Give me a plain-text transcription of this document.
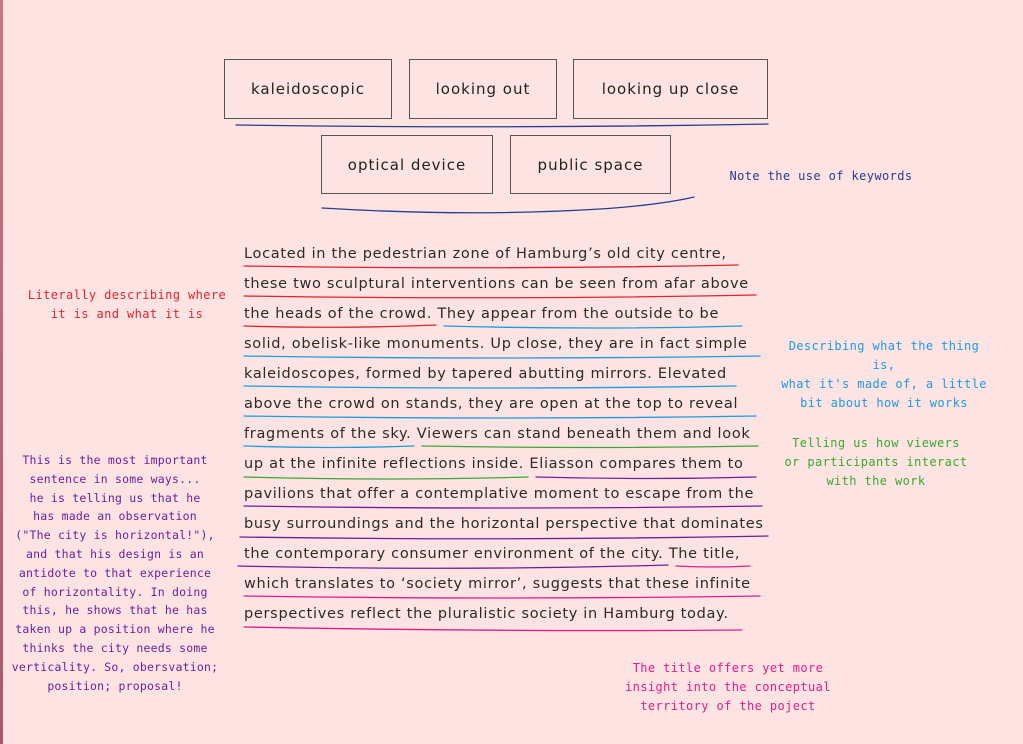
kaleidoscopic	looking out	looking up close
optical device	public space
Note the use of keywords
Literally describing where
it is and what it is
Describing what the thing is,
what it's made of, a little
bit about how it works
Telling us how viewers
or participants interact
with the work
This is the most important
sentence in some ways...
he is telling us that he
has made an observation
("The city is horizontal!"),
and that his design is an
antidote to that experience
of horizontality. In doing
this, he shows that he has
taken up a position where he
thinks the city needs some
verticality. So, obersvation;
position; proposal!
The title offers yet more
insight into the conceptual
territory of the poject
Located in the pedestrian zone of Hamburg’s old city centre,
these two sculptural interventions can be seen from afar above
the heads of the crowd. They appear from the outside to be
solid, obelisk-like monuments. Up close, they are in fact simple
kaleidoscopes, formed by tapered abutting mirrors. Elevated
above the crowd on stands, they are open at the top to reveal
fragments of the sky. Viewers can stand beneath them and look
up at the infinite reflections inside. Eliasson compares them to
pavilions that offer a contemplative moment to escape from the
busy surroundings and the horizontal perspective that dominates
the contemporary consumer environment of the city. The title,
which translates to ‘society mirror’, suggests that these infinite
perspectives reflect the pluralistic society in Hamburg today.
